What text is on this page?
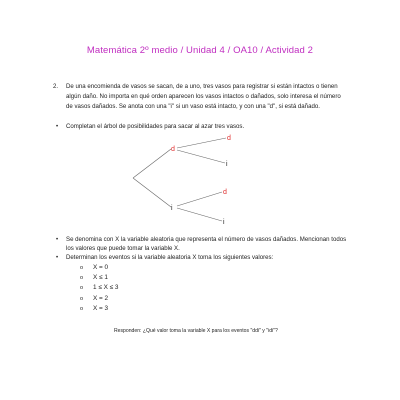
Matemática 2º medio / Unidad 4 / OA10 / Actividad 2
2. De una encomienda de vasos se sacan, de a uno, tres vasos para registrar si están intactos o tienen algún daño. No importa en qué orden aparecen los vasos intactos o dañados, solo interesa el número de vasos dañados. Se anota con una "i" si un vaso está intacto, y con una "d", si está dañado.
• Completan el árbol de posibilidades para sacar al azar tres vasos.
d
i
d
i
d
i
• Se denomina con X la variable aleatoria que representa el número de vasos dañados. Mencionan todos los valores que puede tomar la variable X.
• Determinan los eventos si la variable aleatoria X toma los siguientes valores:
o X = 0
o X ≤ 1
o 1 ≤ X ≤ 3
o X = 2
o X = 3
Responden: ¿Qué valor toma la variable X para los eventos "ddi" y "idi"?
